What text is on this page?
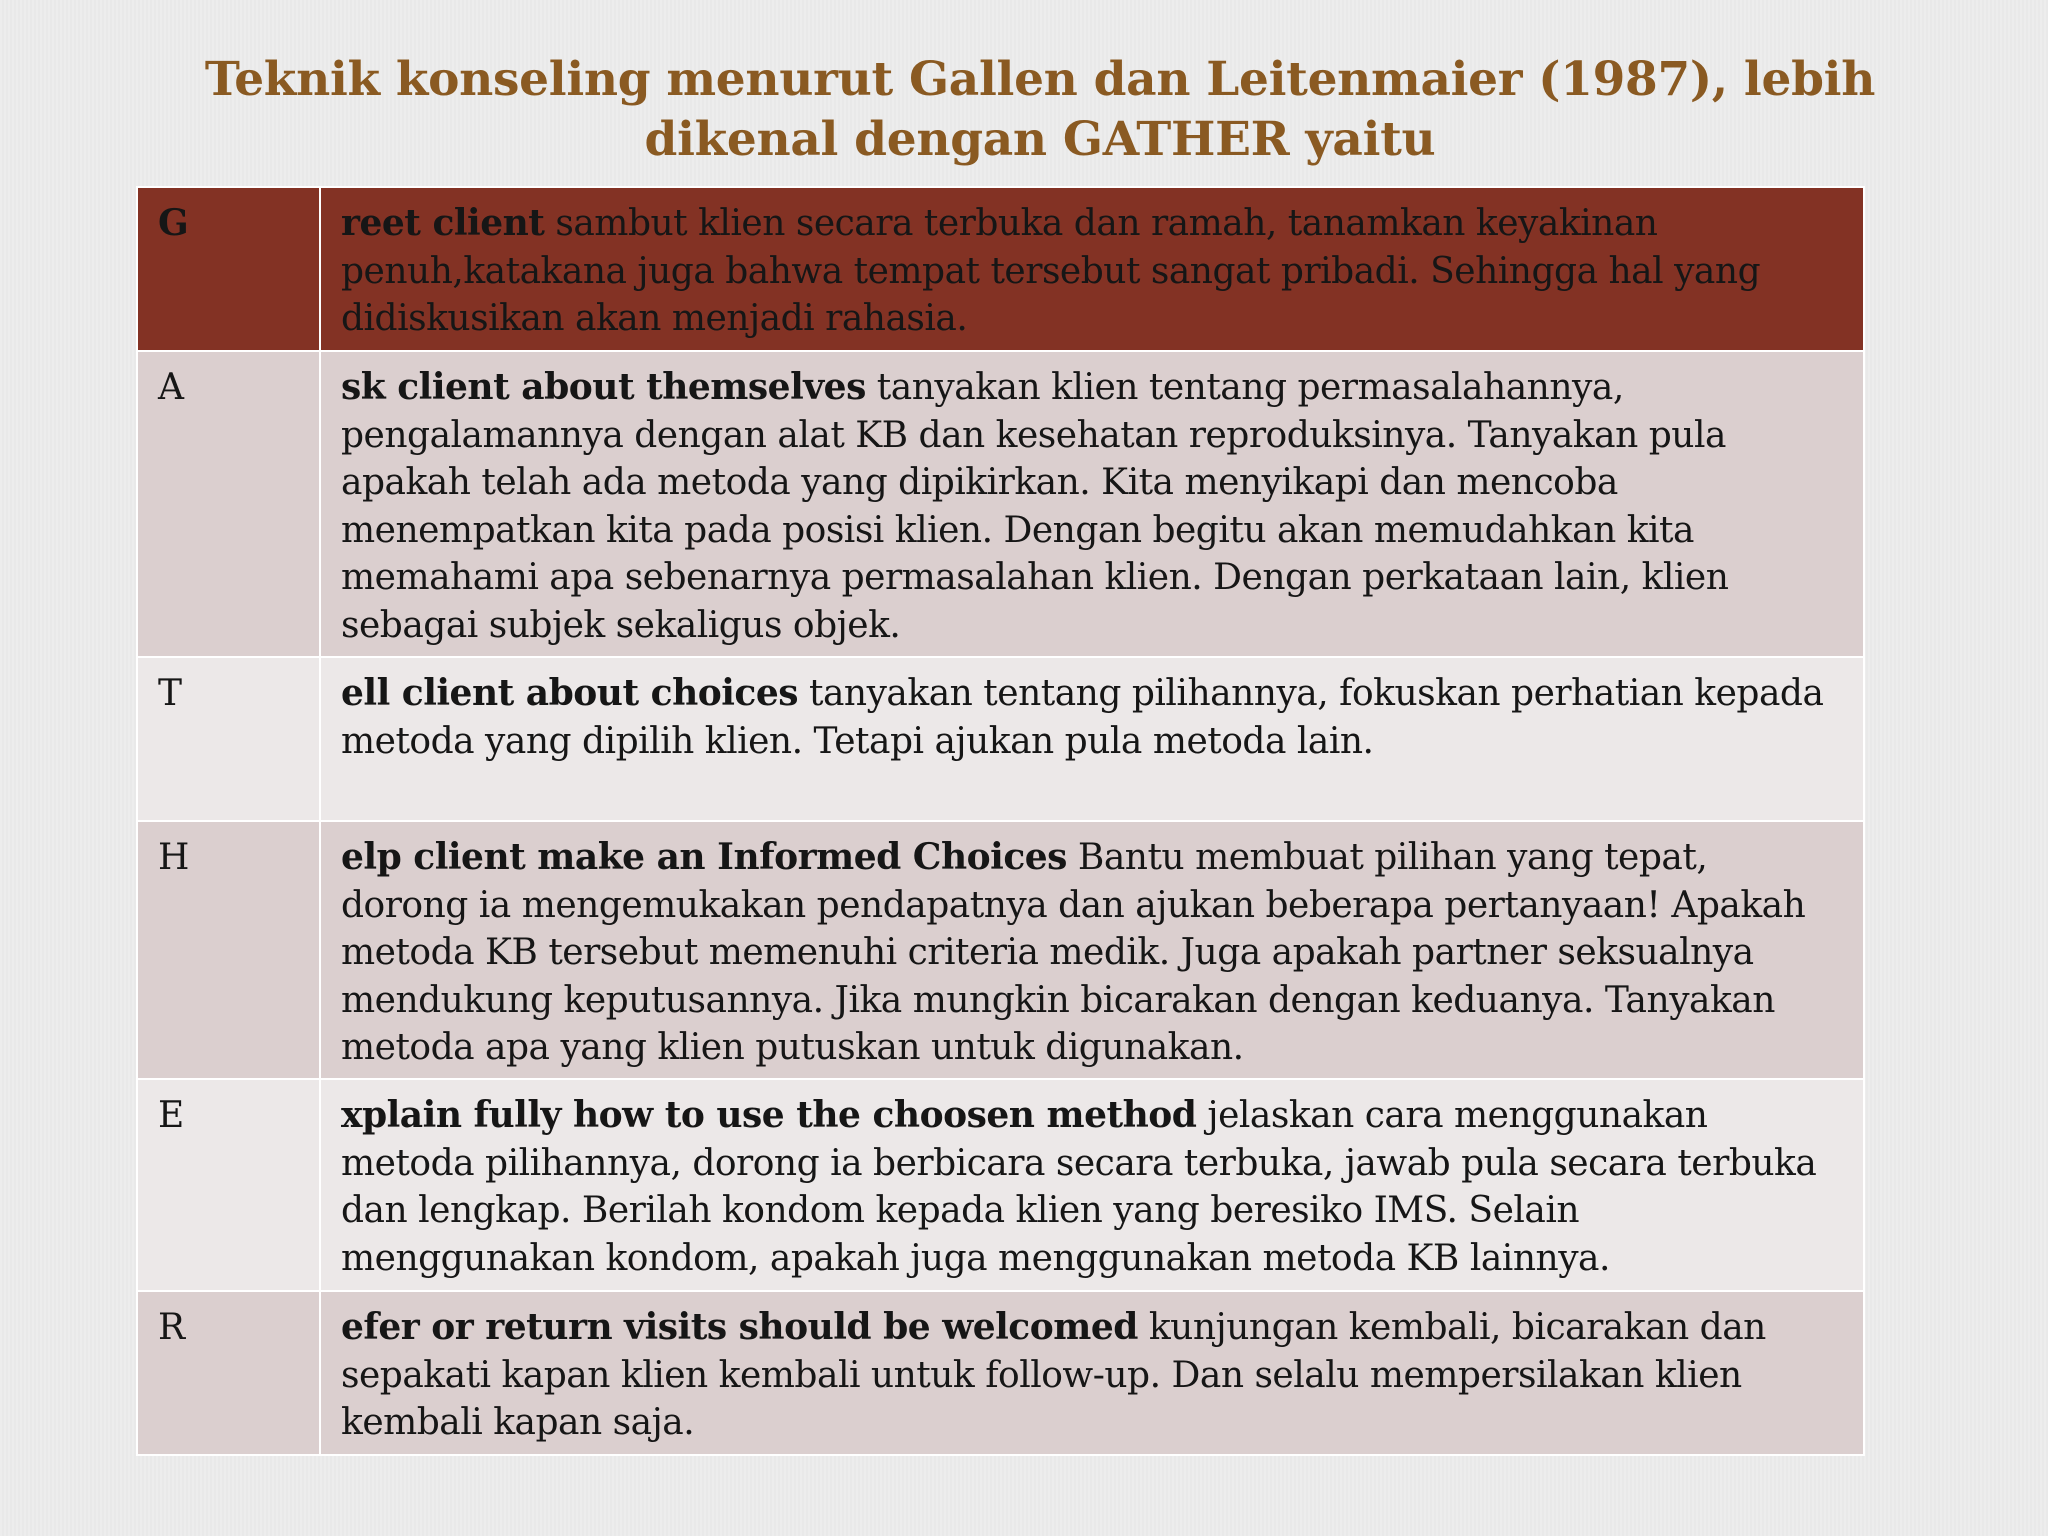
Teknik konseling menurut Gallen dan Leitenmaier (1987), lebih
dikenal dengan GATHER yaitu
G	reet client sambut klien secara terbuka dan ramah, tanamkan keyakinan penuh,katakana juga bahwa tempat tersebut sangat pribadi. Sehingga hal yang didiskusikan akan menjadi rahasia.
A	sk client about themselves tanyakan klien tentang permasalahannya, pengalamannya dengan alat KB dan kesehatan reproduksinya. Tanyakan pula apakah telah ada metoda yang dipikirkan. Kita menyikapi dan mencoba menempatkan kita pada posisi klien. Dengan begitu akan memudahkan kita memahami apa sebenarnya permasalahan klien. Dengan perkataan lain, klien sebagai subjek sekaligus objek.
T	ell client about choices tanyakan tentang pilihannya, fokuskan perhatian kepada metoda yang dipilih klien. Tetapi ajukan pula metoda lain.
H	elp client make an Informed Choices Bantu membuat pilihan yang tepat, dorong ia mengemukakan pendapatnya dan ajukan beberapa pertanyaan! Apakah metoda KB tersebut memenuhi criteria medik. Juga apakah partner seksualnya mendukung keputusannya. Jika mungkin bicarakan dengan keduanya. Tanyakan metoda apa yang klien putuskan untuk digunakan.
E	xplain fully how to use the choosen method jelaskan cara menggunakan metoda pilihannya, dorong ia berbicara secara terbuka, jawab pula secara terbuka dan lengkap. Berilah kondom kepada klien yang beresiko IMS. Selain menggunakan kondom, apakah juga menggunakan metoda KB lainnya.
R	efer or return visits should be welcomed kunjungan kembali, bicarakan dan sepakati kapan klien kembali untuk follow-up. Dan selalu mempersilakan klien kembali kapan saja.
